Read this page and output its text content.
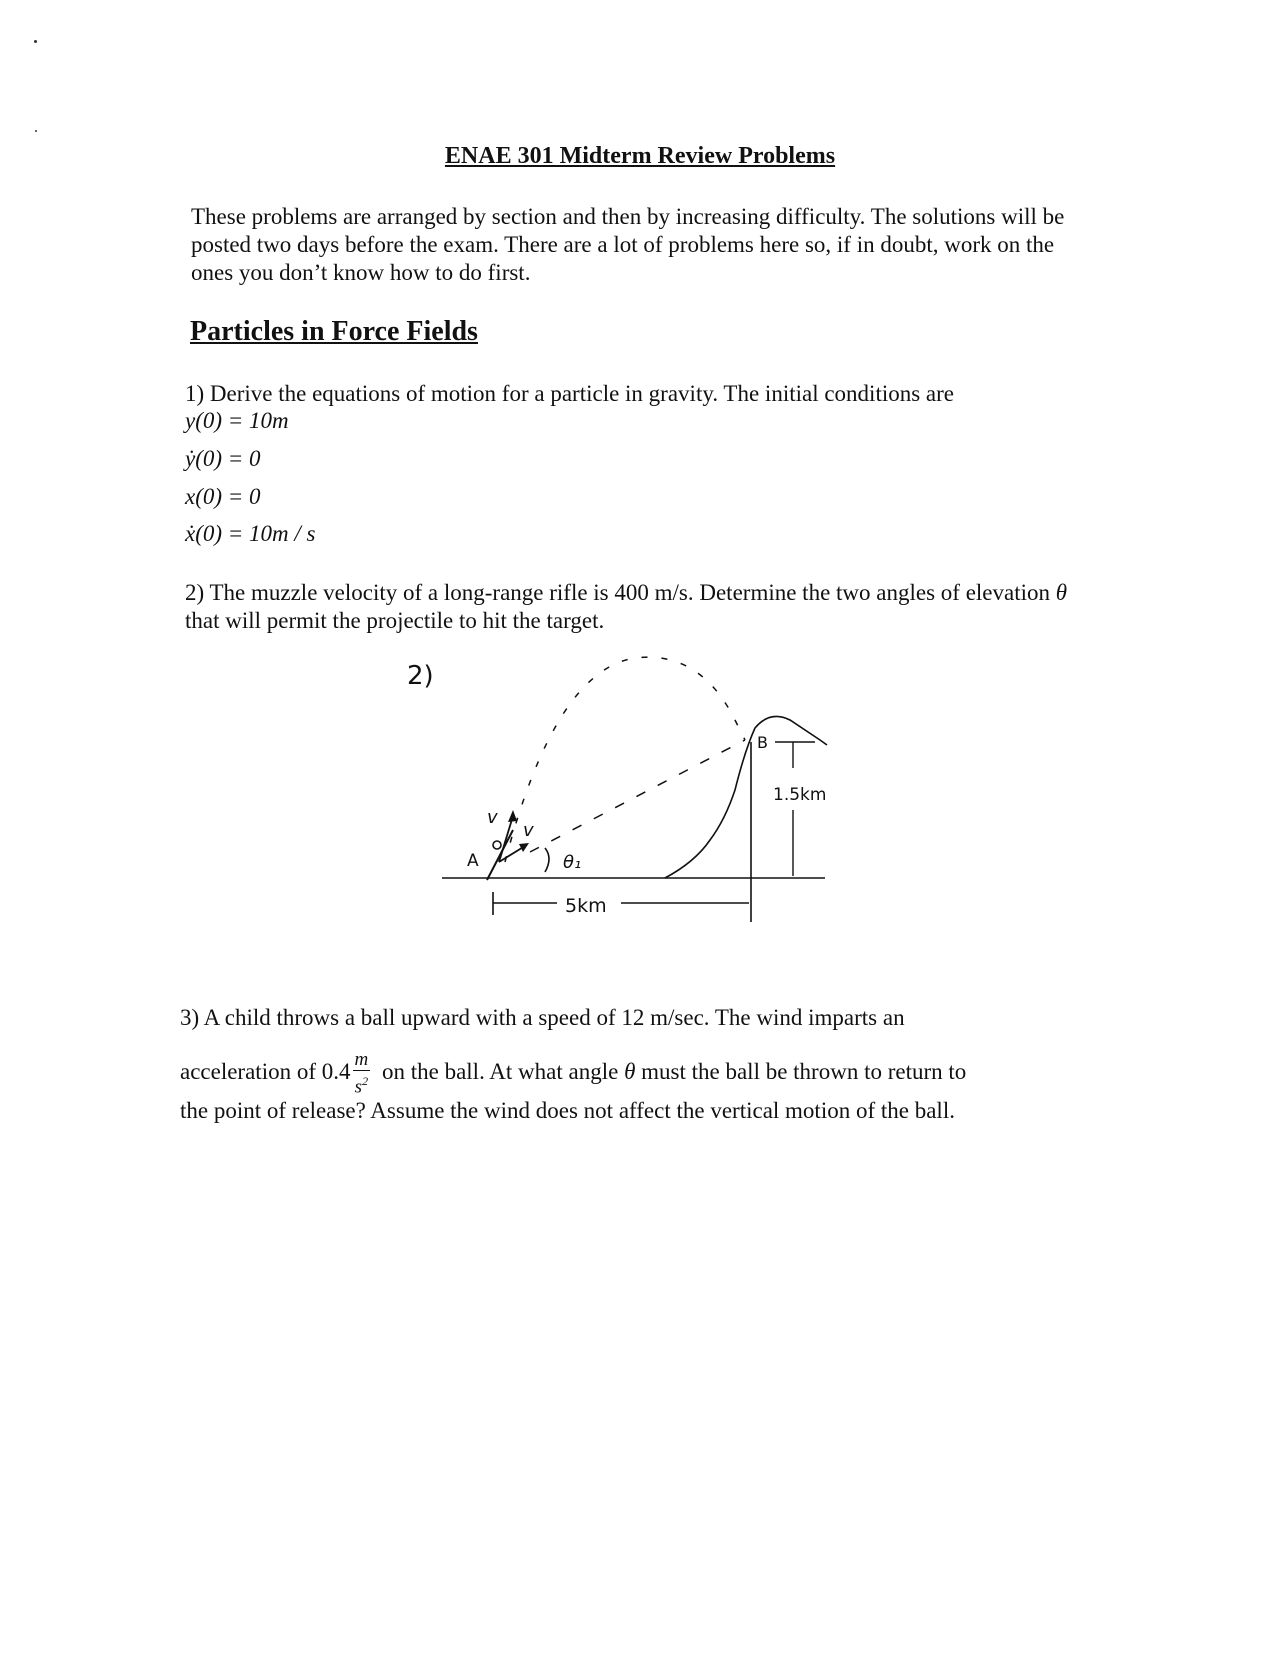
ENAE 301 Midterm Review Problems
These problems are arranged by section and then by increasing difficulty. The solutions will be posted two days before the exam. There are a lot of problems here so, if in doubt, work on the ones you don’t know how to do first.
Particles in Force Fields
1) Derive the equations of motion for a particle in gravity. The initial conditions are
y(0) = 10m
ẏ(0) = 0
x(0) = 0
ẋ(0) = 10m / s
2) The muzzle velocity of a long-range rifle is 400 m/s. Determine the two angles of elevation θ that will permit the projectile to hit the target.
2)
A
B
v
v
θ₁
1.5km
5km
3) A child throws a ball upward with a speed of 12 m/sec. The wind imparts an
acceleration of $0.4 \frac{m}{s^2}$ on the ball. At what angle θ must the ball be thrown to return to
the point of release? Assume the wind does not affect the vertical motion of the ball.
